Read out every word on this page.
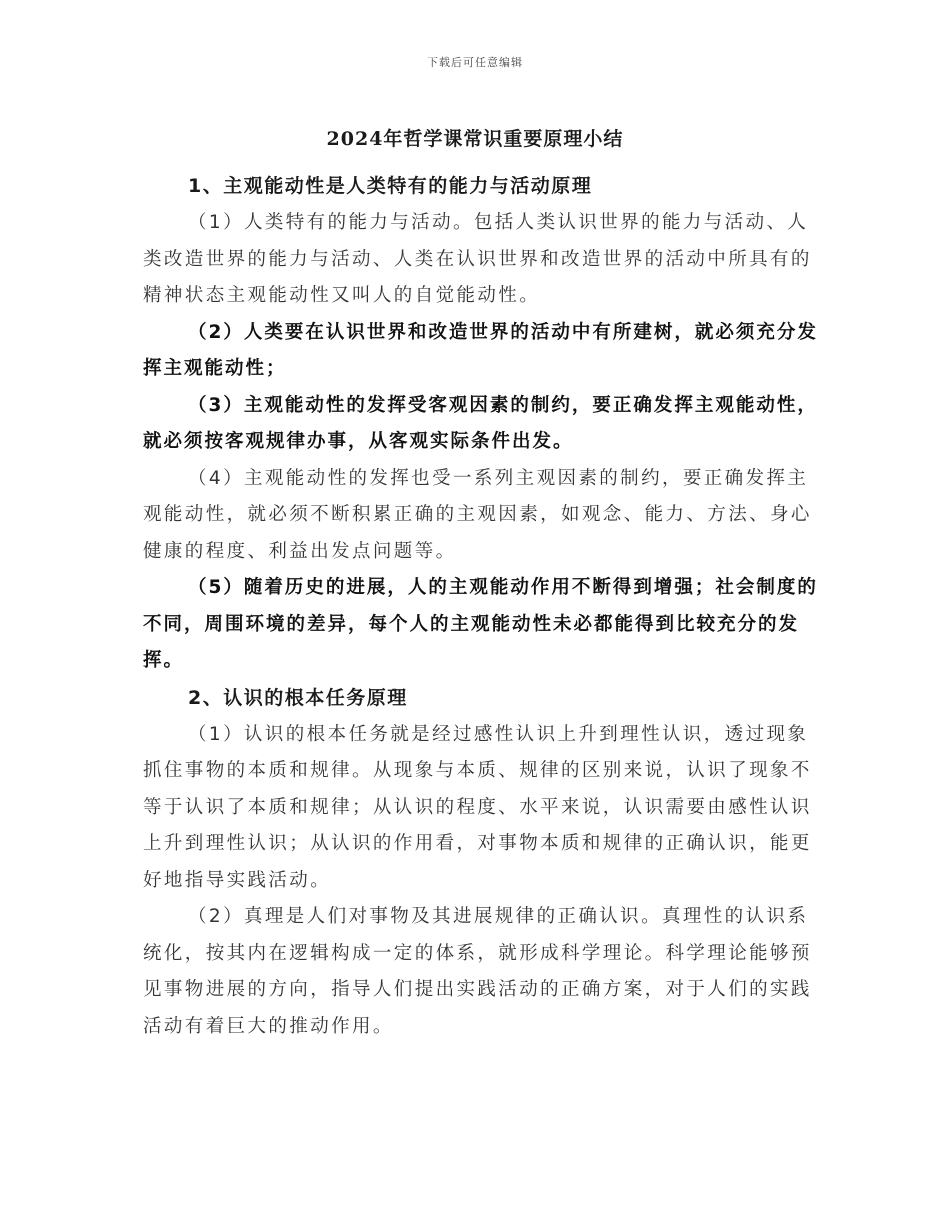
下载后可任意编辑
2024年哲学课常识重要原理小结

1、主观能动性是人类特有的能力与活动原理

（1）人类特有的能力与活动。包括人类认识世界的能力与活动、人类改造世界的能力与活动、人类在认识世界和改造世界的活动中所具有的精神状态主观能动性又叫人的自觉能动性。

（2）人类要在认识世界和改造世界的活动中有所建树，就必须充分发挥主观能动性；

（3）主观能动性的发挥受客观因素的制约，要正确发挥主观能动性，就必须按客观规律办事，从客观实际条件出发。

（4）主观能动性的发挥也受一系列主观因素的制约，要正确发挥主观能动性，就必须不断积累正确的主观因素，如观念、能力、方法、身心健康的程度、利益出发点问题等。

（5）随着历史的进展，人的主观能动作用不断得到增强；社会制度的不同，周围环境的差异，每个人的主观能动性未必都能得到比较充分的发挥。

2、认识的根本任务原理

（1）认识的根本任务就是经过感性认识上升到理性认识，透过现象抓住事物的本质和规律。从现象与本质、规律的区别来说，认识了现象不等于认识了本质和规律；从认识的程度、水平来说，认识需要由感性认识上升到理性认识；从认识的作用看，对事物本质和规律的正确认识，能更好地指导实践活动。

（2）真理是人们对事物及其进展规律的正确认识。真理性的认识系统化，按其内在逻辑构成一定的体系，就形成科学理论。科学理论能够预见事物进展的方向，指导人们提出实践活动的正确方案，对于人们的实践活动有着巨大的推动作用。
